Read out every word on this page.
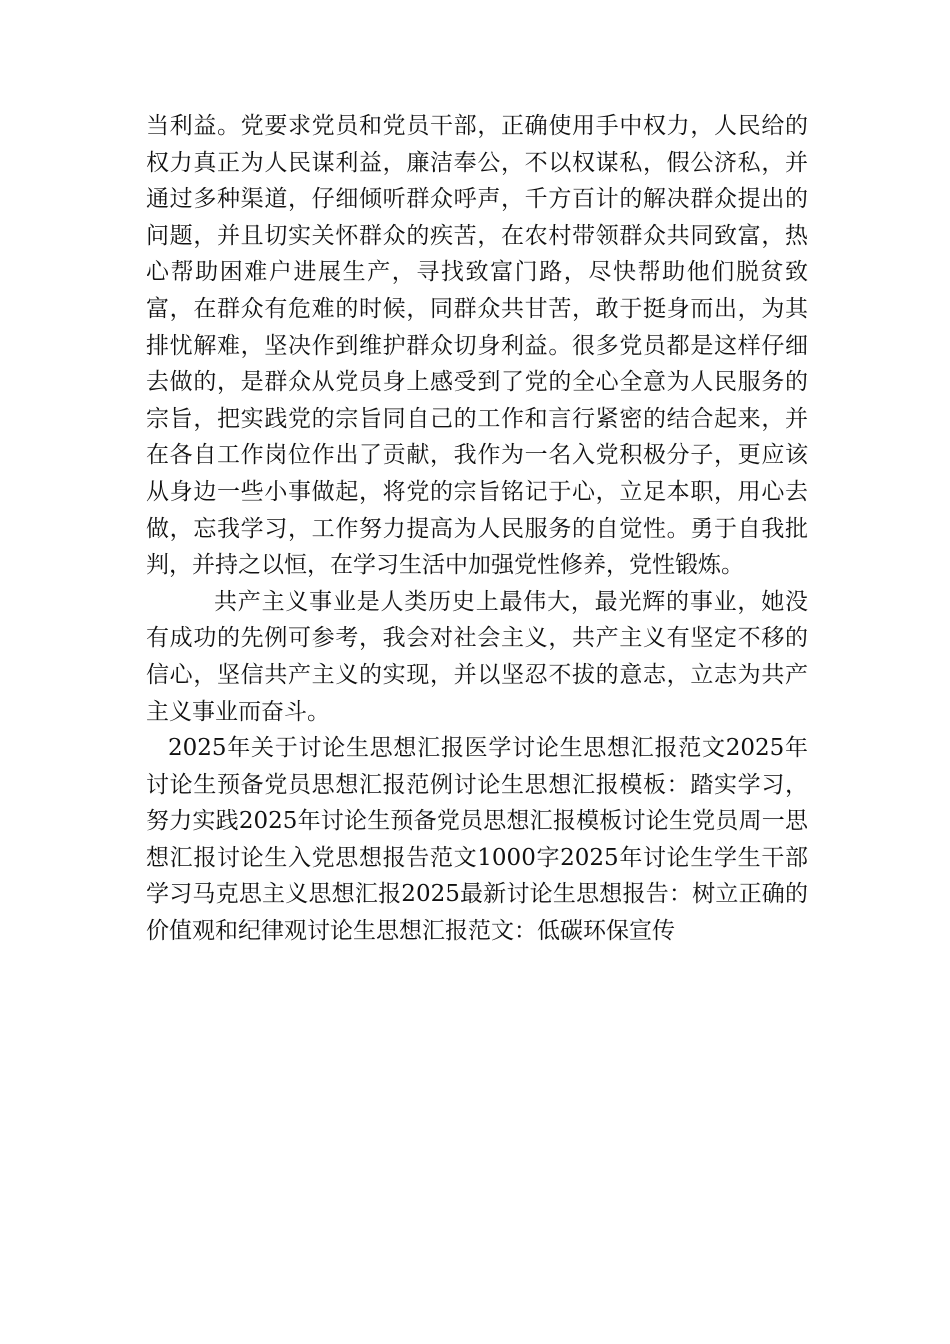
当利益。党要求党员和党员干部，正确使用手中权力，人民给的权力真正为人民谋利益，廉洁奉公，不以权谋私，假公济私，并通过多种渠道，仔细倾听群众呼声，千方百计的解决群众提出的问题，并且切实关怀群众的疾苦，在农村带领群众共同致富，热心帮助困难户进展生产，寻找致富门路，尽快帮助他们脱贫致富，在群众有危难的时候，同群众共甘苦，敢于挺身而出，为其排忧解难，坚决作到维护群众切身利益。很多党员都是这样仔细去做的，是群众从党员身上感受到了党的全心全意为人民服务的宗旨，把实践党的宗旨同自己的工作和言行紧密的结合起来，并在各自工作岗位作出了贡献，我作为一名入党积极分子，更应该从身边一些小事做起，将党的宗旨铭记于心，立足本职，用心去做，忘我学习，工作努力提高为人民服务的自觉性。勇于自我批判，并持之以恒，在学习生活中加强党性修养，党性锻炼。

共产主义事业是人类历史上最伟大，最光辉的事业，她没有成功的先例可参考，我会对社会主义，共产主义有坚定不移的信心，坚信共产主义的实现，并以坚忍不拔的意志，立志为共产主义事业而奋斗。

2025年关于讨论生思想汇报医学讨论生思想汇报范文2025年讨论生预备党员思想汇报范例讨论生思想汇报模板：踏实学习，努力实践2025年讨论生预备党员思想汇报模板讨论生党员周一思想汇报讨论生入党思想报告范文1000字2025年讨论生学生干部学习马克思主义思想汇报2025最新讨论生思想报告：树立正确的价值观和纪律观讨论生思想汇报范文：低碳环保宣传
